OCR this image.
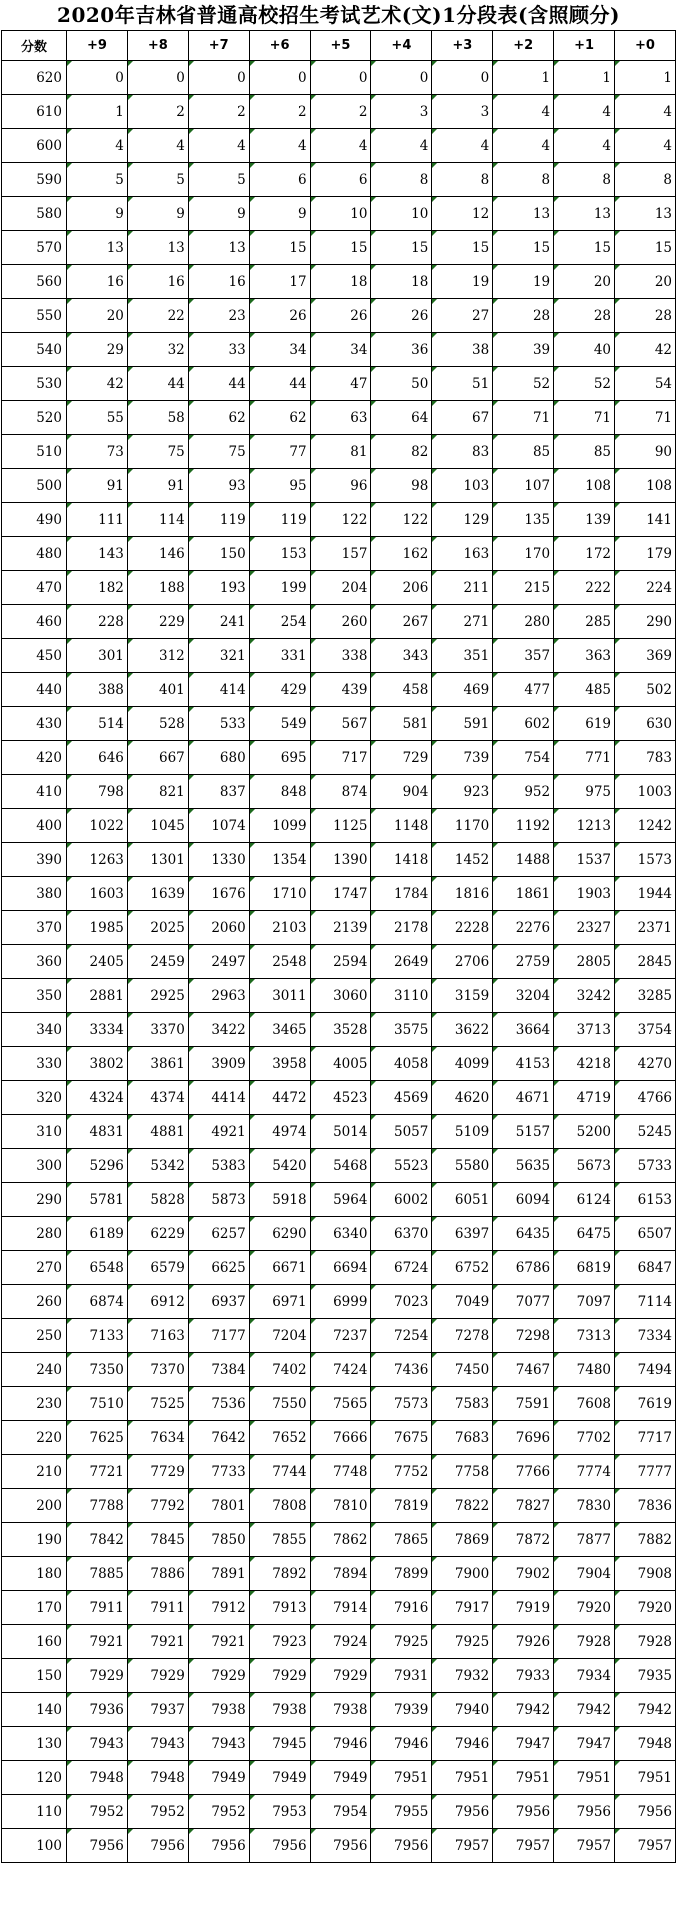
2020年吉林省普通高校招生考试艺术(文)1分段表(含照顾分)
分数	+9	+8	+7	+6	+5	+4	+3	+2	+1	+0
620	0	0	0	0	0	0	0	1	1	1
610	1	2	2	2	2	3	3	4	4	4
600	4	4	4	4	4	4	4	4	4	4
590	5	5	5	6	6	8	8	8	8	8
580	9	9	9	9	10	10	12	13	13	13
570	13	13	13	15	15	15	15	15	15	15
560	16	16	16	17	18	18	19	19	20	20
550	20	22	23	26	26	26	27	28	28	28
540	29	32	33	34	34	36	38	39	40	42
530	42	44	44	44	47	50	51	52	52	54
520	55	58	62	62	63	64	67	71	71	71
510	73	75	75	77	81	82	83	85	85	90
500	91	91	93	95	96	98	103	107	108	108
490	111	114	119	119	122	122	129	135	139	141
480	143	146	150	153	157	162	163	170	172	179
470	182	188	193	199	204	206	211	215	222	224
460	228	229	241	254	260	267	271	280	285	290
450	301	312	321	331	338	343	351	357	363	369
440	388	401	414	429	439	458	469	477	485	502
430	514	528	533	549	567	581	591	602	619	630
420	646	667	680	695	717	729	739	754	771	783
410	798	821	837	848	874	904	923	952	975	1003
400	1022	1045	1074	1099	1125	1148	1170	1192	1213	1242
390	1263	1301	1330	1354	1390	1418	1452	1488	1537	1573
380	1603	1639	1676	1710	1747	1784	1816	1861	1903	1944
370	1985	2025	2060	2103	2139	2178	2228	2276	2327	2371
360	2405	2459	2497	2548	2594	2649	2706	2759	2805	2845
350	2881	2925	2963	3011	3060	3110	3159	3204	3242	3285
340	3334	3370	3422	3465	3528	3575	3622	3664	3713	3754
330	3802	3861	3909	3958	4005	4058	4099	4153	4218	4270
320	4324	4374	4414	4472	4523	4569	4620	4671	4719	4766
310	4831	4881	4921	4974	5014	5057	5109	5157	5200	5245
300	5296	5342	5383	5420	5468	5523	5580	5635	5673	5733
290	5781	5828	5873	5918	5964	6002	6051	6094	6124	6153
280	6189	6229	6257	6290	6340	6370	6397	6435	6475	6507
270	6548	6579	6625	6671	6694	6724	6752	6786	6819	6847
260	6874	6912	6937	6971	6999	7023	7049	7077	7097	7114
250	7133	7163	7177	7204	7237	7254	7278	7298	7313	7334
240	7350	7370	7384	7402	7424	7436	7450	7467	7480	7494
230	7510	7525	7536	7550	7565	7573	7583	7591	7608	7619
220	7625	7634	7642	7652	7666	7675	7683	7696	7702	7717
210	7721	7729	7733	7744	7748	7752	7758	7766	7774	7777
200	7788	7792	7801	7808	7810	7819	7822	7827	7830	7836
190	7842	7845	7850	7855	7862	7865	7869	7872	7877	7882
180	7885	7886	7891	7892	7894	7899	7900	7902	7904	7908
170	7911	7911	7912	7913	7914	7916	7917	7919	7920	7920
160	7921	7921	7921	7923	7924	7925	7925	7926	7928	7928
150	7929	7929	7929	7929	7929	7931	7932	7933	7934	7935
140	7936	7937	7938	7938	7938	7939	7940	7942	7942	7942
130	7943	7943	7943	7945	7946	7946	7946	7947	7947	7948
120	7948	7948	7949	7949	7949	7951	7951	7951	7951	7951
110	7952	7952	7952	7953	7954	7955	7956	7956	7956	7956
100	7956	7956	7956	7956	7956	7956	7957	7957	7957	7957
